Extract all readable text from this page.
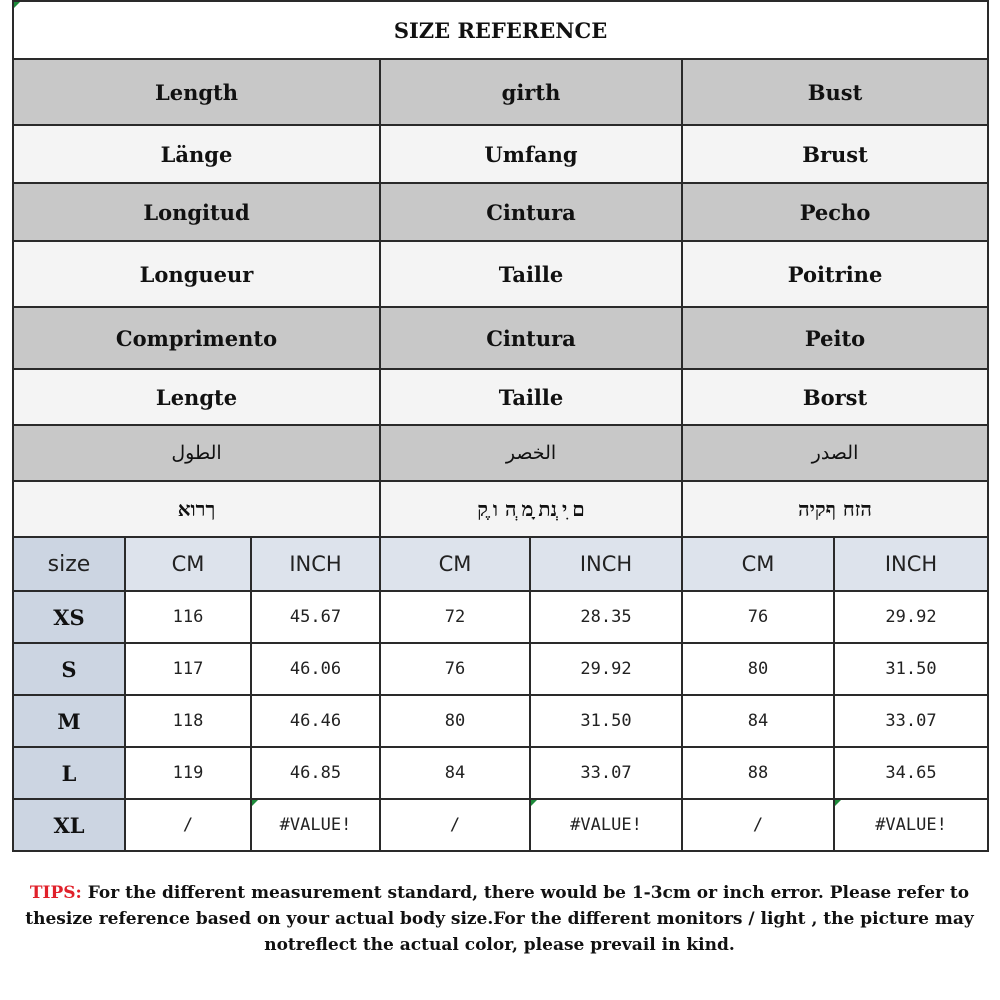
SIZE REFERENCE						
Length			girth		Bust	
Länge			Umfang		Brust	
Longitud			Cintura		Pecho	
Longueur			Taille		Poitrine	
Comprimento			Cintura		Peito	
Lengte			Taille		Borst	
الطول			الخصر		الصدر	
ךרוא			ם ִי ְנת ָמ ְה ו ֶק		הזח ףקיה	
size	CM	INCH	CM	INCH	CM	INCH
XS	116	45.67	72	28.35	76	29.92
S	117	46.06	76	29.92	80	31.50
M	118	46.46	80	31.50	84	33.07
L	119	46.85	84	33.07	88	34.65
XL	/	#VALUE!	/	#VALUE!	/	#VALUE!
TIPS: For the different measurement standard, there would be 1-3cm or inch error. Please refer to thesize reference based on your actual body size.For the different monitors / light , the picture may notreflect the actual color, please prevail in kind.
